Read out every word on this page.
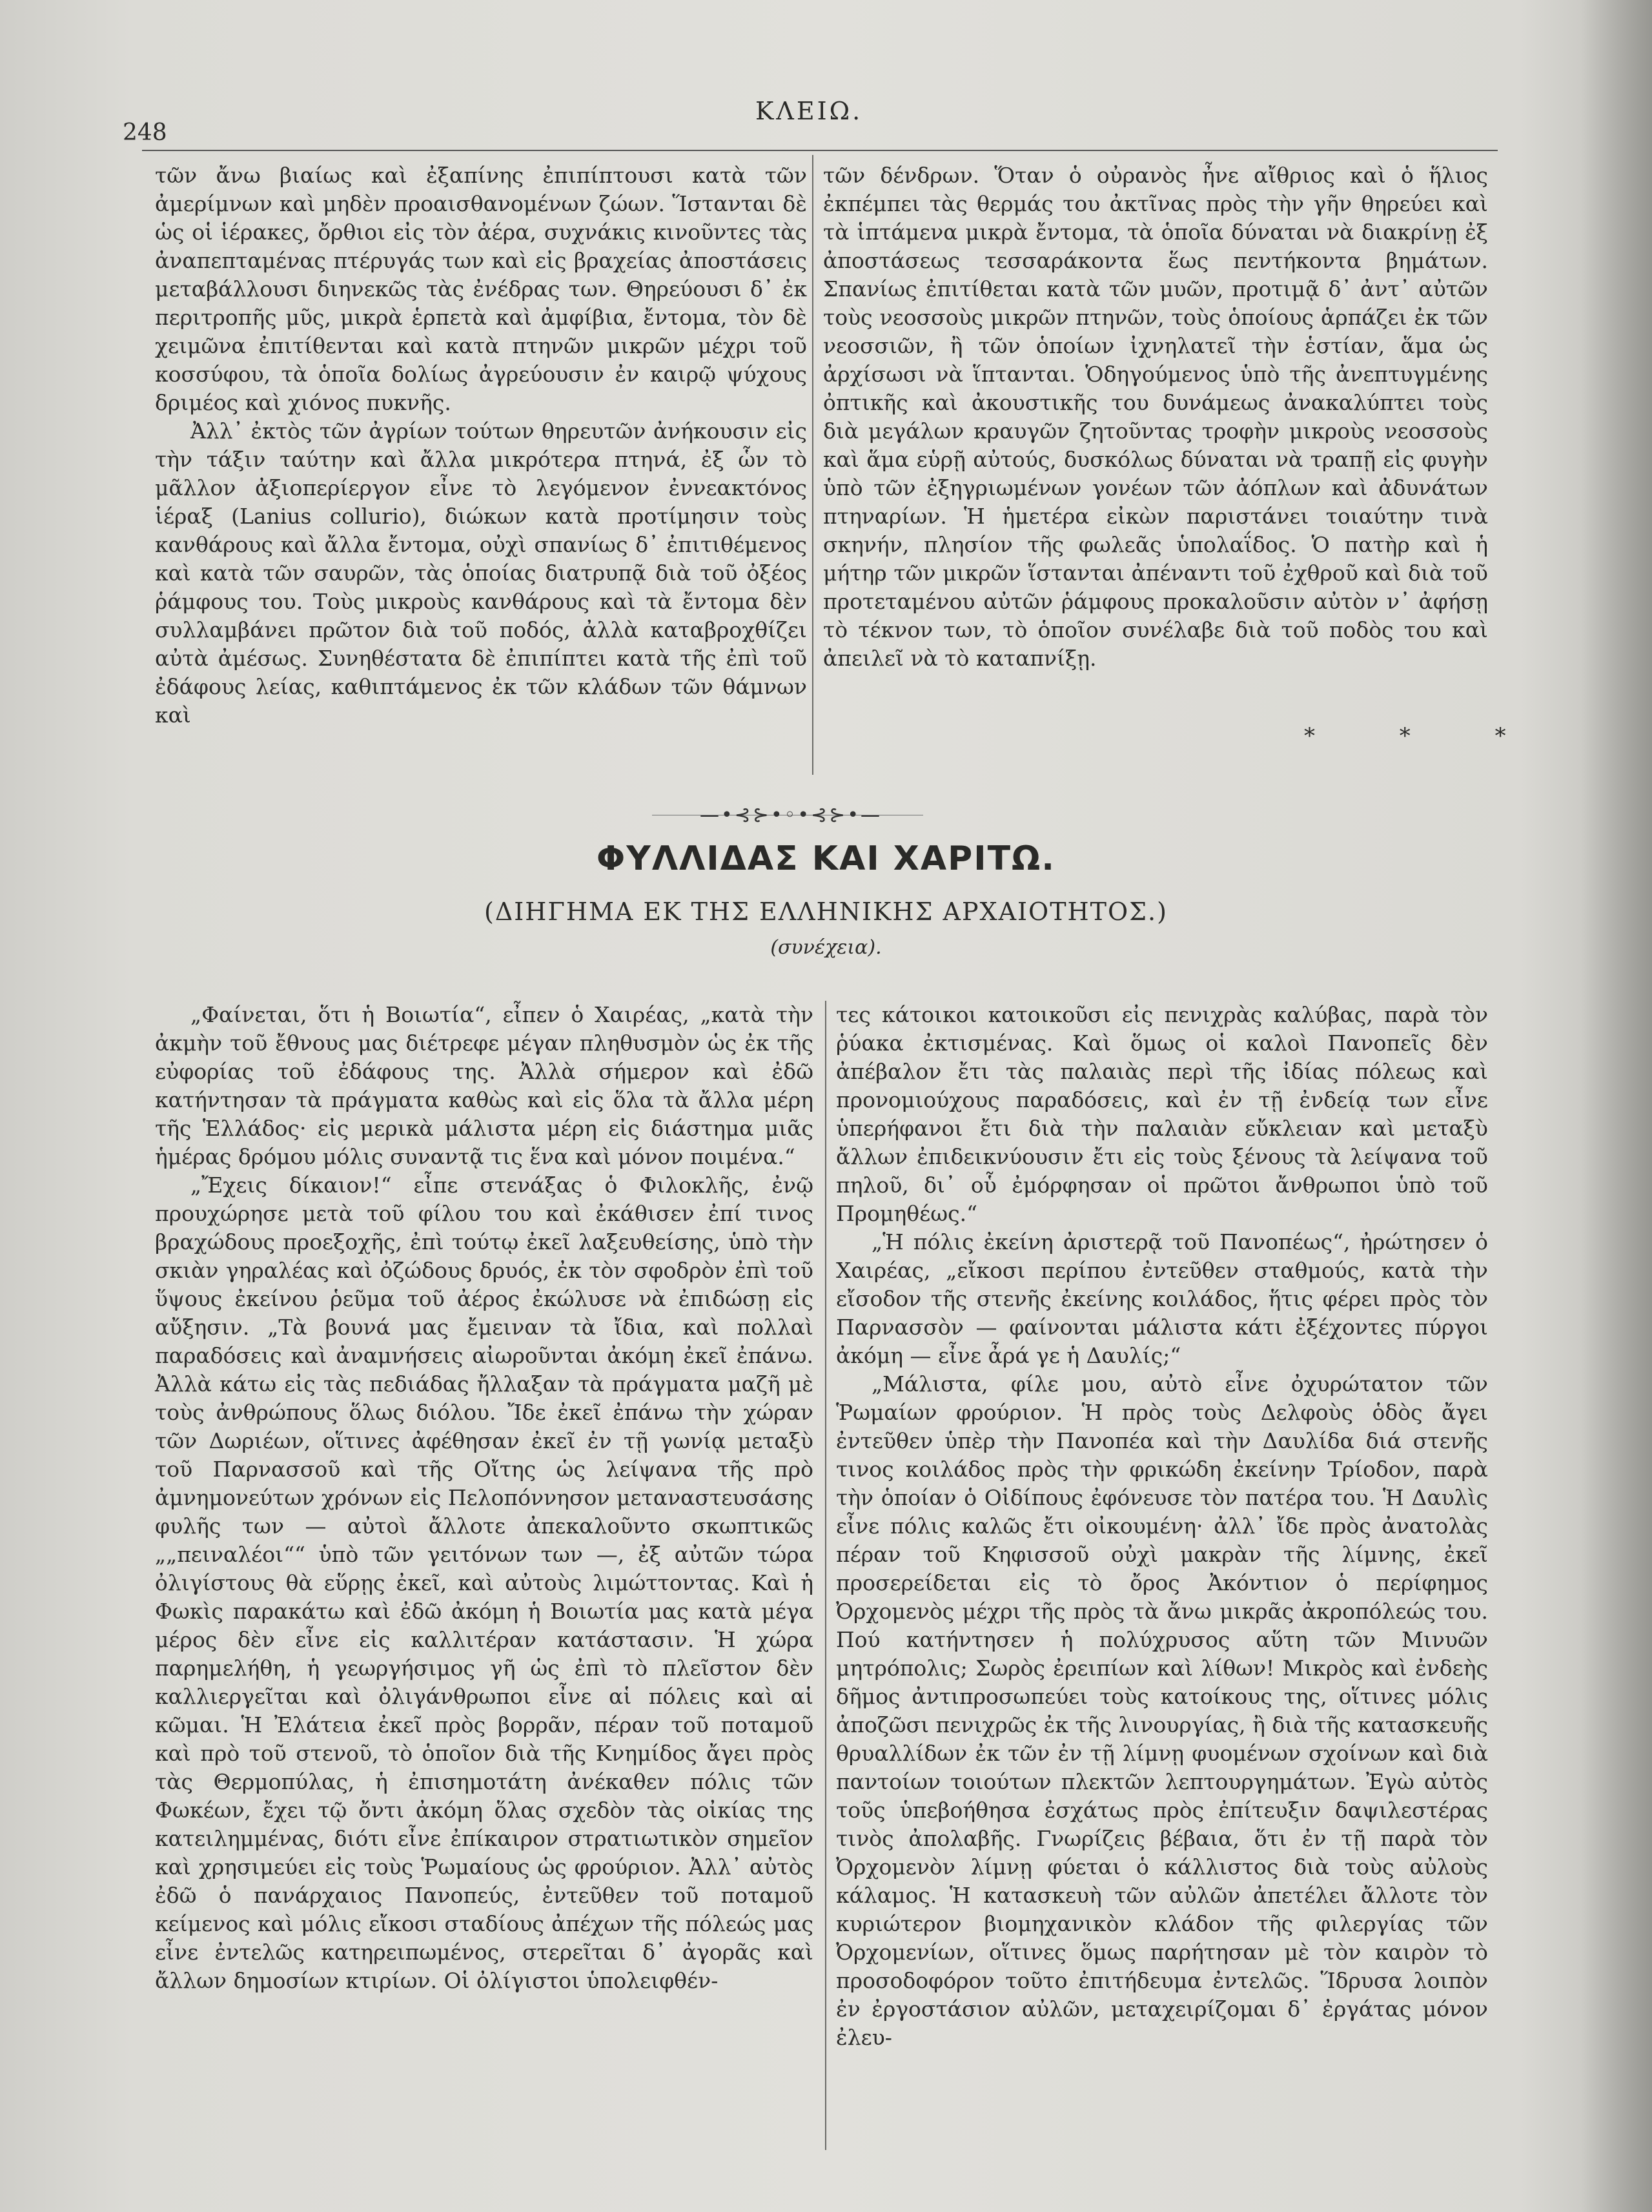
248
ΚΛΕΙΩ.

τῶν ἄνω βιαίως καὶ ἐξαπίνης ἐπιπίπτουσι κατὰ τῶν ἀμερίμνων καὶ μηδὲν προαισθανομένων ζώων. Ἵστανται δὲ ὡς οἱ ἱέρακες, ὄρθιοι εἰς τὸν ἀέρα, συχνάκις κινοῦντες τὰς ἀναπεπταμένας πτέρυγάς των καὶ εἰς βραχείας ἀποστάσεις μεταβάλλουσι διηνεκῶς τὰς ἐνέδρας των. Θηρεύουσι δ᾽ ἐκ περιτροπῆς μῦς, μικρὰ ἑρπετὰ καὶ ἀμφίβια, ἔντομα, τὸν δὲ χειμῶνα ἐπιτίθενται καὶ κατὰ πτηνῶν μικρῶν μέχρι τοῦ κοσσύφου, τὰ ὁποῖα δολίως ἀγρεύουσιν ἐν καιρῷ ψύχους δριμέος καὶ χιόνος πυκνῆς.

Ἀλλ᾽ ἐκτὸς τῶν ἀγρίων τούτων θηρευτῶν ἀνήκουσιν εἰς τὴν τάξιν ταύτην καὶ ἄλλα μικρότερα πτηνά, ἐξ ὧν τὸ μᾶλλον ἀξιοπερίεργον εἶνε τὸ λεγόμενον ἐννεακτόνος ἱέραξ (Lanius collurio), διώκων κατὰ προτίμησιν τοὺς κανθάρους καὶ ἄλλα ἔντομα, οὐχὶ σπανίως δ᾽ ἐπιτιθέμενος καὶ κατὰ τῶν σαυρῶν, τὰς ὁποίας διατρυπᾷ διὰ τοῦ ὀξέος ῥάμφους του. Τοὺς μικροὺς κανθάρους καὶ τὰ ἔντομα δὲν συλλαμβάνει πρῶτον διὰ τοῦ ποδός, ἀλλὰ καταβροχθίζει αὐτὰ ἀμέσως. Συνηθέστατα δὲ ἐπιπίπτει κατὰ τῆς ἐπὶ τοῦ ἐδάφους λείας, καθιπτάμενος ἐκ τῶν κλάδων τῶν θάμνων καὶ

τῶν δένδρων. Ὅταν ὁ οὐρανὸς ἦνε αἴθριος καὶ ὁ ἥλιος ἐκπέμπει τὰς θερμάς του ἀκτῖνας πρὸς τὴν γῆν θηρεύει καὶ τὰ ἱπτάμενα μικρὰ ἔντομα, τὰ ὁποῖα δύναται νὰ διακρίνῃ ἐξ ἀποστάσεως τεσσαράκοντα ἕως πεντήκοντα βημάτων. Σπανίως ἐπιτίθεται κατὰ τῶν μυῶν, προτιμᾷ δ᾽ ἀντ᾽ αὐτῶν τοὺς νεοσσοὺς μικρῶν πτηνῶν, τοὺς ὁποίους ἁρπάζει ἐκ τῶν νεοσσιῶν, ἢ τῶν ὁποίων ἰχνηλατεῖ τὴν ἑστίαν, ἅμα ὡς ἀρχίσωσι νὰ ἵπτανται. Ὁδηγούμενος ὑπὸ τῆς ἀνεπτυγμένης ὀπτικῆς καὶ ἀκουστικῆς του δυνάμεως ἀνακαλύπτει τοὺς διὰ μεγάλων κραυγῶν ζητοῦντας τροφὴν μικροὺς νεοσσοὺς καὶ ἅμα εὑρῇ αὐτούς, δυσκόλως δύναται νὰ τραπῇ εἰς φυγὴν ὑπὸ τῶν ἐξηγριωμένων γονέων τῶν ἀόπλων καὶ ἀδυνάτων πτηναρίων. Ἡ ἡμετέρα εἰκὼν παριστάνει τοιαύτην τινὰ σκηνήν, πλησίον τῆς φωλεᾶς ὑπολαΐδος. Ὁ πατὴρ καὶ ἡ μήτηρ τῶν μικρῶν ἵστανται ἀπέναντι τοῦ ἐχθροῦ καὶ διὰ τοῦ προτεταμένου αὐτῶν ῥάμφους προκαλοῦσιν αὐτὸν ν᾽ ἀφήσῃ τὸ τέκνον των, τὸ ὁποῖον συνέλαβε διὰ τοῦ ποδὸς του καὶ ἀπειλεῖ νὰ τὸ καταπνίξῃ.

* * *
—•⊰⊱•◦•⊰⊱•—
ΦΥΛΛΙΔΑΣ ΚΑΙ ΧΑΡΙΤΩ.
(ΔΙΗΓΗΜΑ ΕΚ ΤΗΣ ΕΛΛΗΝΙΚΗΣ ΑΡΧΑΙΟΤΗΤΟΣ.)
(συνέχεια).

„Φαίνεται, ὅτι ἡ Βοιωτία“, εἶπεν ὁ Χαιρέας, „κατὰ τὴν ἀκμὴν τοῦ ἔθνους μας διέτρεφε μέγαν πληθυσμὸν ὡς ἐκ τῆς εὐφορίας τοῦ ἐδάφους της. Ἀλλὰ σήμερον καὶ ἐδῶ κατήντησαν τὰ πράγματα καθὼς καὶ εἰς ὅλα τὰ ἄλλα μέρη τῆς Ἑλλάδος· εἰς μερικὰ μάλιστα μέρη εἰς διάστημα μιᾶς ἡμέρας δρόμου μόλις συναντᾷ τις ἕνα καὶ μόνον ποιμένα.“

„Ἔχεις δίκαιον!“ εἶπε στενάξας ὁ Φιλοκλῆς, ἐνῷ προυχώρησε μετὰ τοῦ φίλου του καὶ ἐκάθισεν ἐπί τινος βραχώδους προεξοχῆς, ἐπὶ τούτῳ ἐκεῖ λαξευθείσης, ὑπὸ τὴν σκιὰν γηραλέας καὶ ὀζώδους δρυός, ἐκ τὸν σφοδρὸν ἐπὶ τοῦ ὕψους ἐκείνου ῥεῦμα τοῦ ἀέρος ἐκώλυσε νὰ ἐπιδώσῃ εἰς αὔξησιν. „Τὰ βουνά μας ἔμειναν τὰ ἴδια, καὶ πολλαὶ παραδόσεις καὶ ἀναμνήσεις αἰωροῦνται ἀκόμη ἐκεῖ ἐπάνω. Ἀλλὰ κάτω εἰς τὰς πεδιάδας ἤλλαξαν τὰ πράγματα μαζῆ μὲ τοὺς ἀνθρώπους ὅλως διόλου. Ἴδε ἐκεῖ ἐπάνω τὴν χώραν τῶν Δωριέων, οἵτινες ἀφέθησαν ἐκεῖ ἐν τῇ γωνίᾳ μεταξὺ τοῦ Παρνασσοῦ καὶ τῆς Οἴτης ὡς λείψανα τῆς πρὸ ἀμνημονεύτων χρόνων εἰς Πελοπόννησον μεταναστευσάσης φυλῆς των — αὐτοὶ ἄλλοτε ἀπεκαλοῦντο σκωπτικῶς „„πειναλέοι““ ὑπὸ τῶν γειτόνων των —, ἐξ αὐτῶν τώρα ὀλιγίστους θὰ εὕρῃς ἐκεῖ, καὶ αὐτοὺς λιμώττοντας. Καὶ ἡ Φωκὶς παρακάτω καὶ ἐδῶ ἀκόμη ἡ Βοιωτία μας κατὰ μέγα μέρος δὲν εἶνε εἰς καλλιτέραν κατάστασιν. Ἡ χώρα παρημελήθη, ἡ γεωργήσιμος γῆ ὡς ἐπὶ τὸ πλεῖστον δὲν καλλιεργεῖται καὶ ὀλιγάνθρωποι εἶνε αἱ πόλεις καὶ αἱ κῶμαι. Ἡ Ἐλάτεια ἐκεῖ πρὸς βορρᾶν, πέραν τοῦ ποταμοῦ καὶ πρὸ τοῦ στενοῦ, τὸ ὁποῖον διὰ τῆς Κνημίδος ἄγει πρὸς τὰς Θερμοπύλας, ἡ ἐπισημοτάτη ἀνέκαθεν πόλις τῶν Φωκέων, ἔχει τῷ ὄντι ἀκόμη ὅλας σχεδὸν τὰς οἰκίας της κατειλημμένας, διότι εἶνε ἐπίκαιρον στρατιωτικὸν σημεῖον καὶ χρησιμεύει εἰς τοὺς Ῥωμαίους ὡς φρούριον. Ἀλλ᾽ αὐτὸς ἐδῶ ὁ πανάρχαιος Πανοπεύς, ἐντεῦθεν τοῦ ποταμοῦ κείμενος καὶ μόλις εἴκοσι σταδίους ἀπέχων τῆς πόλεώς μας εἶνε ἐντελῶς κατηρειπωμένος, στερεῖται δ᾽ ἀγορᾶς καὶ ἄλλων δημοσίων κτιρίων. Οἱ ὀλίγιστοι ὑπολειφθέν-

τες κάτοικοι κατοικοῦσι εἰς πενιχρὰς καλύβας, παρὰ τὸν ῥύακα ἐκτισμένας. Καὶ ὅμως οἱ καλοὶ Πανοπεῖς δὲν ἀπέβαλον ἔτι τὰς παλαιὰς περὶ τῆς ἰδίας πόλεως καὶ προνομιούχους παραδόσεις, καὶ ἐν τῇ ἐνδείᾳ των εἶνε ὑπερήφανοι ἔτι διὰ τὴν παλαιὰν εὔκλειαν καὶ μεταξὺ ἄλλων ἐπιδεικνύουσιν ἔτι εἰς τοὺς ξένους τὰ λείψανα τοῦ πηλοῦ, δι᾽ οὗ ἐμόρφησαν οἱ πρῶτοι ἄνθρωποι ὑπὸ τοῦ Προμηθέως.“

„Ἡ πόλις ἐκείνη ἀριστερᾷ τοῦ Πανοπέως“, ἠρώτησεν ὁ Χαιρέας, „εἴκοσι περίπου ἐντεῦθεν σταθμούς, κατὰ τὴν εἴσοδον τῆς στενῆς ἐκείνης κοιλάδος, ἥτις φέρει πρὸς τὸν Παρνασσὸν — φαίνονται μάλιστα κάτι ἐξέχοντες πύργοι ἀκόμη — εἶνε ἆρά γε ἡ Δαυλίς;“

„Μάλιστα, φίλε μου, αὐτὸ εἶνε ὀχυρώτατον τῶν Ῥωμαίων φρούριον. Ἡ πρὸς τοὺς Δελφοὺς ὁδὸς ἄγει ἐντεῦθεν ὑπὲρ τὴν Πανοπέα καὶ τὴν Δαυλίδα διά στενῆς τινος κοιλάδος πρὸς τὴν φρικώδη ἐκείνην Τρίοδον, παρὰ τὴν ὁποίαν ὁ Οἰδίπους ἐφόνευσε τὸν πατέρα του. Ἡ Δαυλὶς εἶνε πόλις καλῶς ἔτι οἰκουμένη· ἀλλ᾽ ἴδε πρὸς ἀνατολὰς πέραν τοῦ Κηφισσοῦ οὐχὶ μακρὰν τῆς λίμνης, ἐκεῖ προσερείδεται εἰς τὸ ὄρος Ἀκόντιον ὁ περίφημος Ὀρχομενὸς μέχρι τῆς πρὸς τὰ ἄνω μικρᾶς ἀκροπόλεώς του. Πού κατήντησεν ἡ πολύχρυσος αὕτη τῶν Μινυῶν μητρόπολις; Σωρὸς ἐρειπίων καὶ λίθων! Μικρὸς καὶ ἐνδεὴς δῆμος ἀντιπροσωπεύει τοὺς κατοίκους της, οἵτινες μόλις ἀποζῶσι πενιχρῶς ἐκ τῆς λινουργίας, ἢ διὰ τῆς κατασκευῆς θρυαλλίδων ἐκ τῶν ἐν τῇ λίμνῃ φυομένων σχοίνων καὶ διὰ παντοίων τοιούτων πλεκτῶν λεπτουργημάτων. Ἐγὼ αὐτὸς τοῦς ὑπεβοήθησα ἐσχάτως πρὸς ἐπίτευξιν δαψιλεστέρας τινὸς ἀπολαβῆς. Γνωρίζεις βέβαια, ὅτι ἐν τῇ παρὰ τὸν Ὀρχομενὸν λίμνῃ φύεται ὁ κάλλιστος διὰ τοὺς αὐλοὺς κάλαμος. Ἡ κατασκευὴ τῶν αὐλῶν ἀπετέλει ἄλλοτε τὸν κυριώτερον βιομηχανικὸν κλάδον τῆς φιλεργίας τῶν Ὀρχομενίων, οἵτινες ὅμως παρήτησαν μὲ τὸν καιρὸν τὸ προσοδοφόρον τοῦτο ἐπιτήδευμα ἐντελῶς. Ἵδρυσα λοιπὸν ἐν ἐργοστάσιον αὐλῶν, μεταχειρίζομαι δ᾽ ἐργάτας μόνον ἐλευ-
